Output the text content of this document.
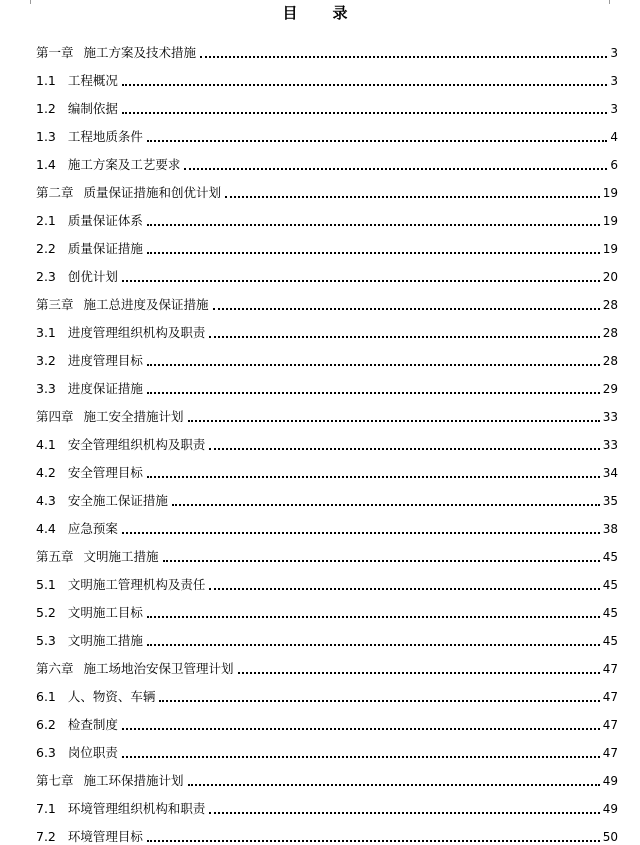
目　录
第一章 施工方案及技术措施	3
1.1 工程概况	3
1.2 编制依据	3
1.3 工程地质条件	4
1.4 施工方案及工艺要求	6
第二章 质量保证措施和创优计划	19
2.1 质量保证体系	19
2.2 质量保证措施	19
2.3 创优计划	20
第三章 施工总进度及保证措施	28
3.1 进度管理组织机构及职责	28
3.2 进度管理目标	28
3.3 进度保证措施	29
第四章 施工安全措施计划	33
4.1 安全管理组织机构及职责	33
4.2 安全管理目标	34
4.3 安全施工保证措施	35
4.4 应急预案	38
第五章 文明施工措施	45
5.1 文明施工管理机构及责任	45
5.2 文明施工目标	45
5.3 文明施工措施	45
第六章 施工场地治安保卫管理计划	47
6.1 人、物资、车辆	47
6.2 检查制度	47
6.3 岗位职责	47
第七章 施工环保措施计划	49
7.1 环境管理组织机构和职责	49
7.2 环境管理目标	50
